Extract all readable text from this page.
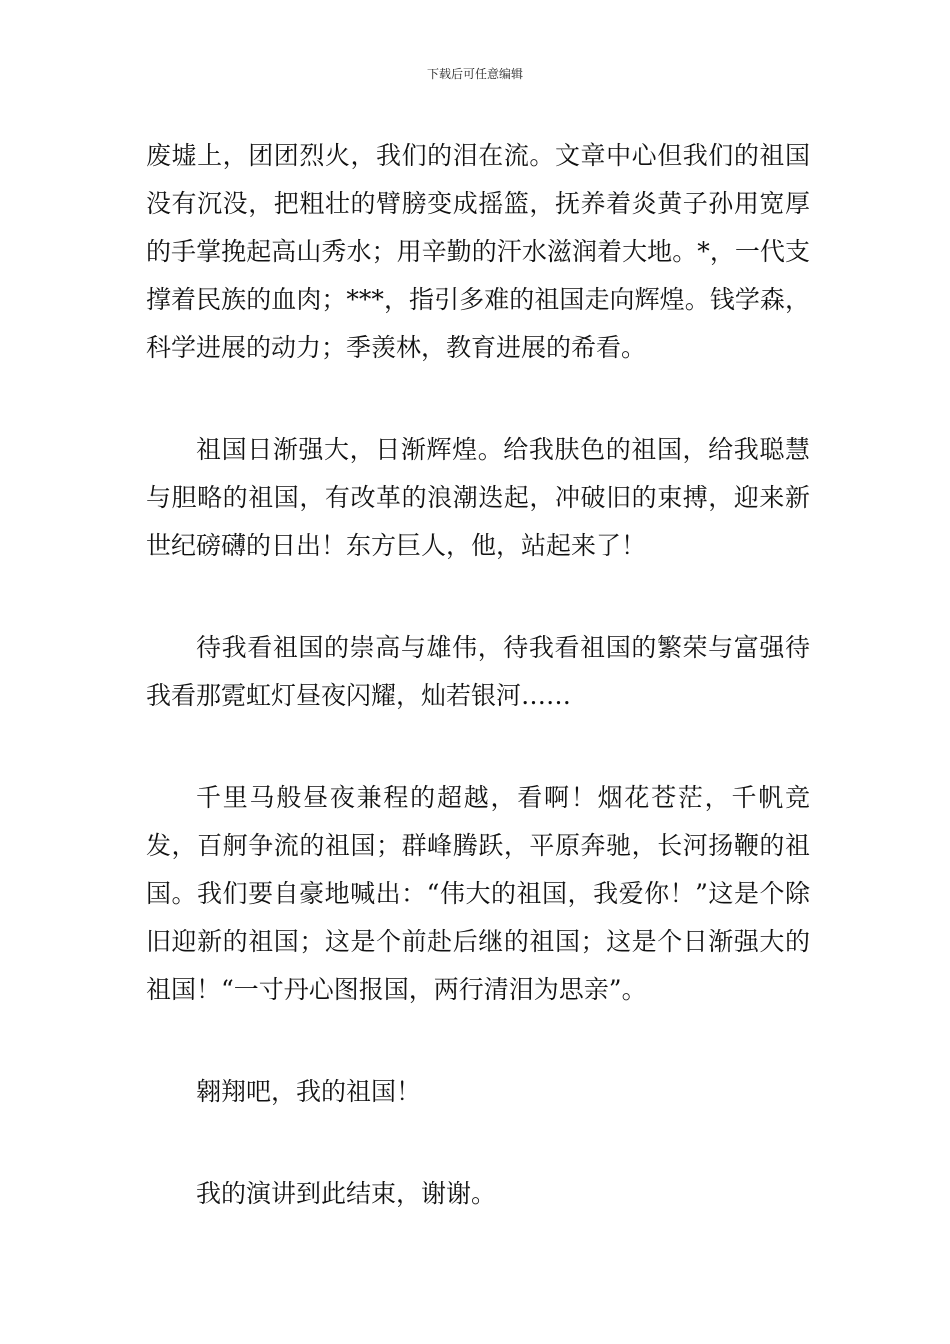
下载后可任意编辑

废墟上，团团烈火，我们的泪在流。文章中心但我们的祖国没有沉没，把粗壮的臂膀变成摇篮，抚养着炎黄子孙用宽厚的手掌挽起高山秀水；用辛勤的汗水滋润着大地。*，一代支撑着民族的血肉；***，指引多难的祖国走向辉煌。钱学森，科学进展的动力；季羡林，教育进展的希看。

祖国日渐强大，日渐辉煌。给我肤色的祖国，给我聪慧与胆略的祖国，有改革的浪潮迭起，冲破旧的束搏，迎来新世纪磅礴的日出！东方巨人，他，站起来了！

待我看祖国的崇高与雄伟，待我看祖国的繁荣与富强待我看那霓虹灯昼夜闪耀，灿若银河……

千里马般昼夜兼程的超越，看啊！烟花苍茫，千帆竞发，百舸争流的祖国；群峰腾跃，平原奔驰，长河扬鞭的祖国。我们要自豪地喊出：“伟大的祖国，我爱你！”这是个除旧迎新的祖国；这是个前赴后继的祖国；这是个日渐强大的祖国！“一寸丹心图报国，两行清泪为思亲”。

翱翔吧，我的祖国！

我的演讲到此结束，谢谢。
